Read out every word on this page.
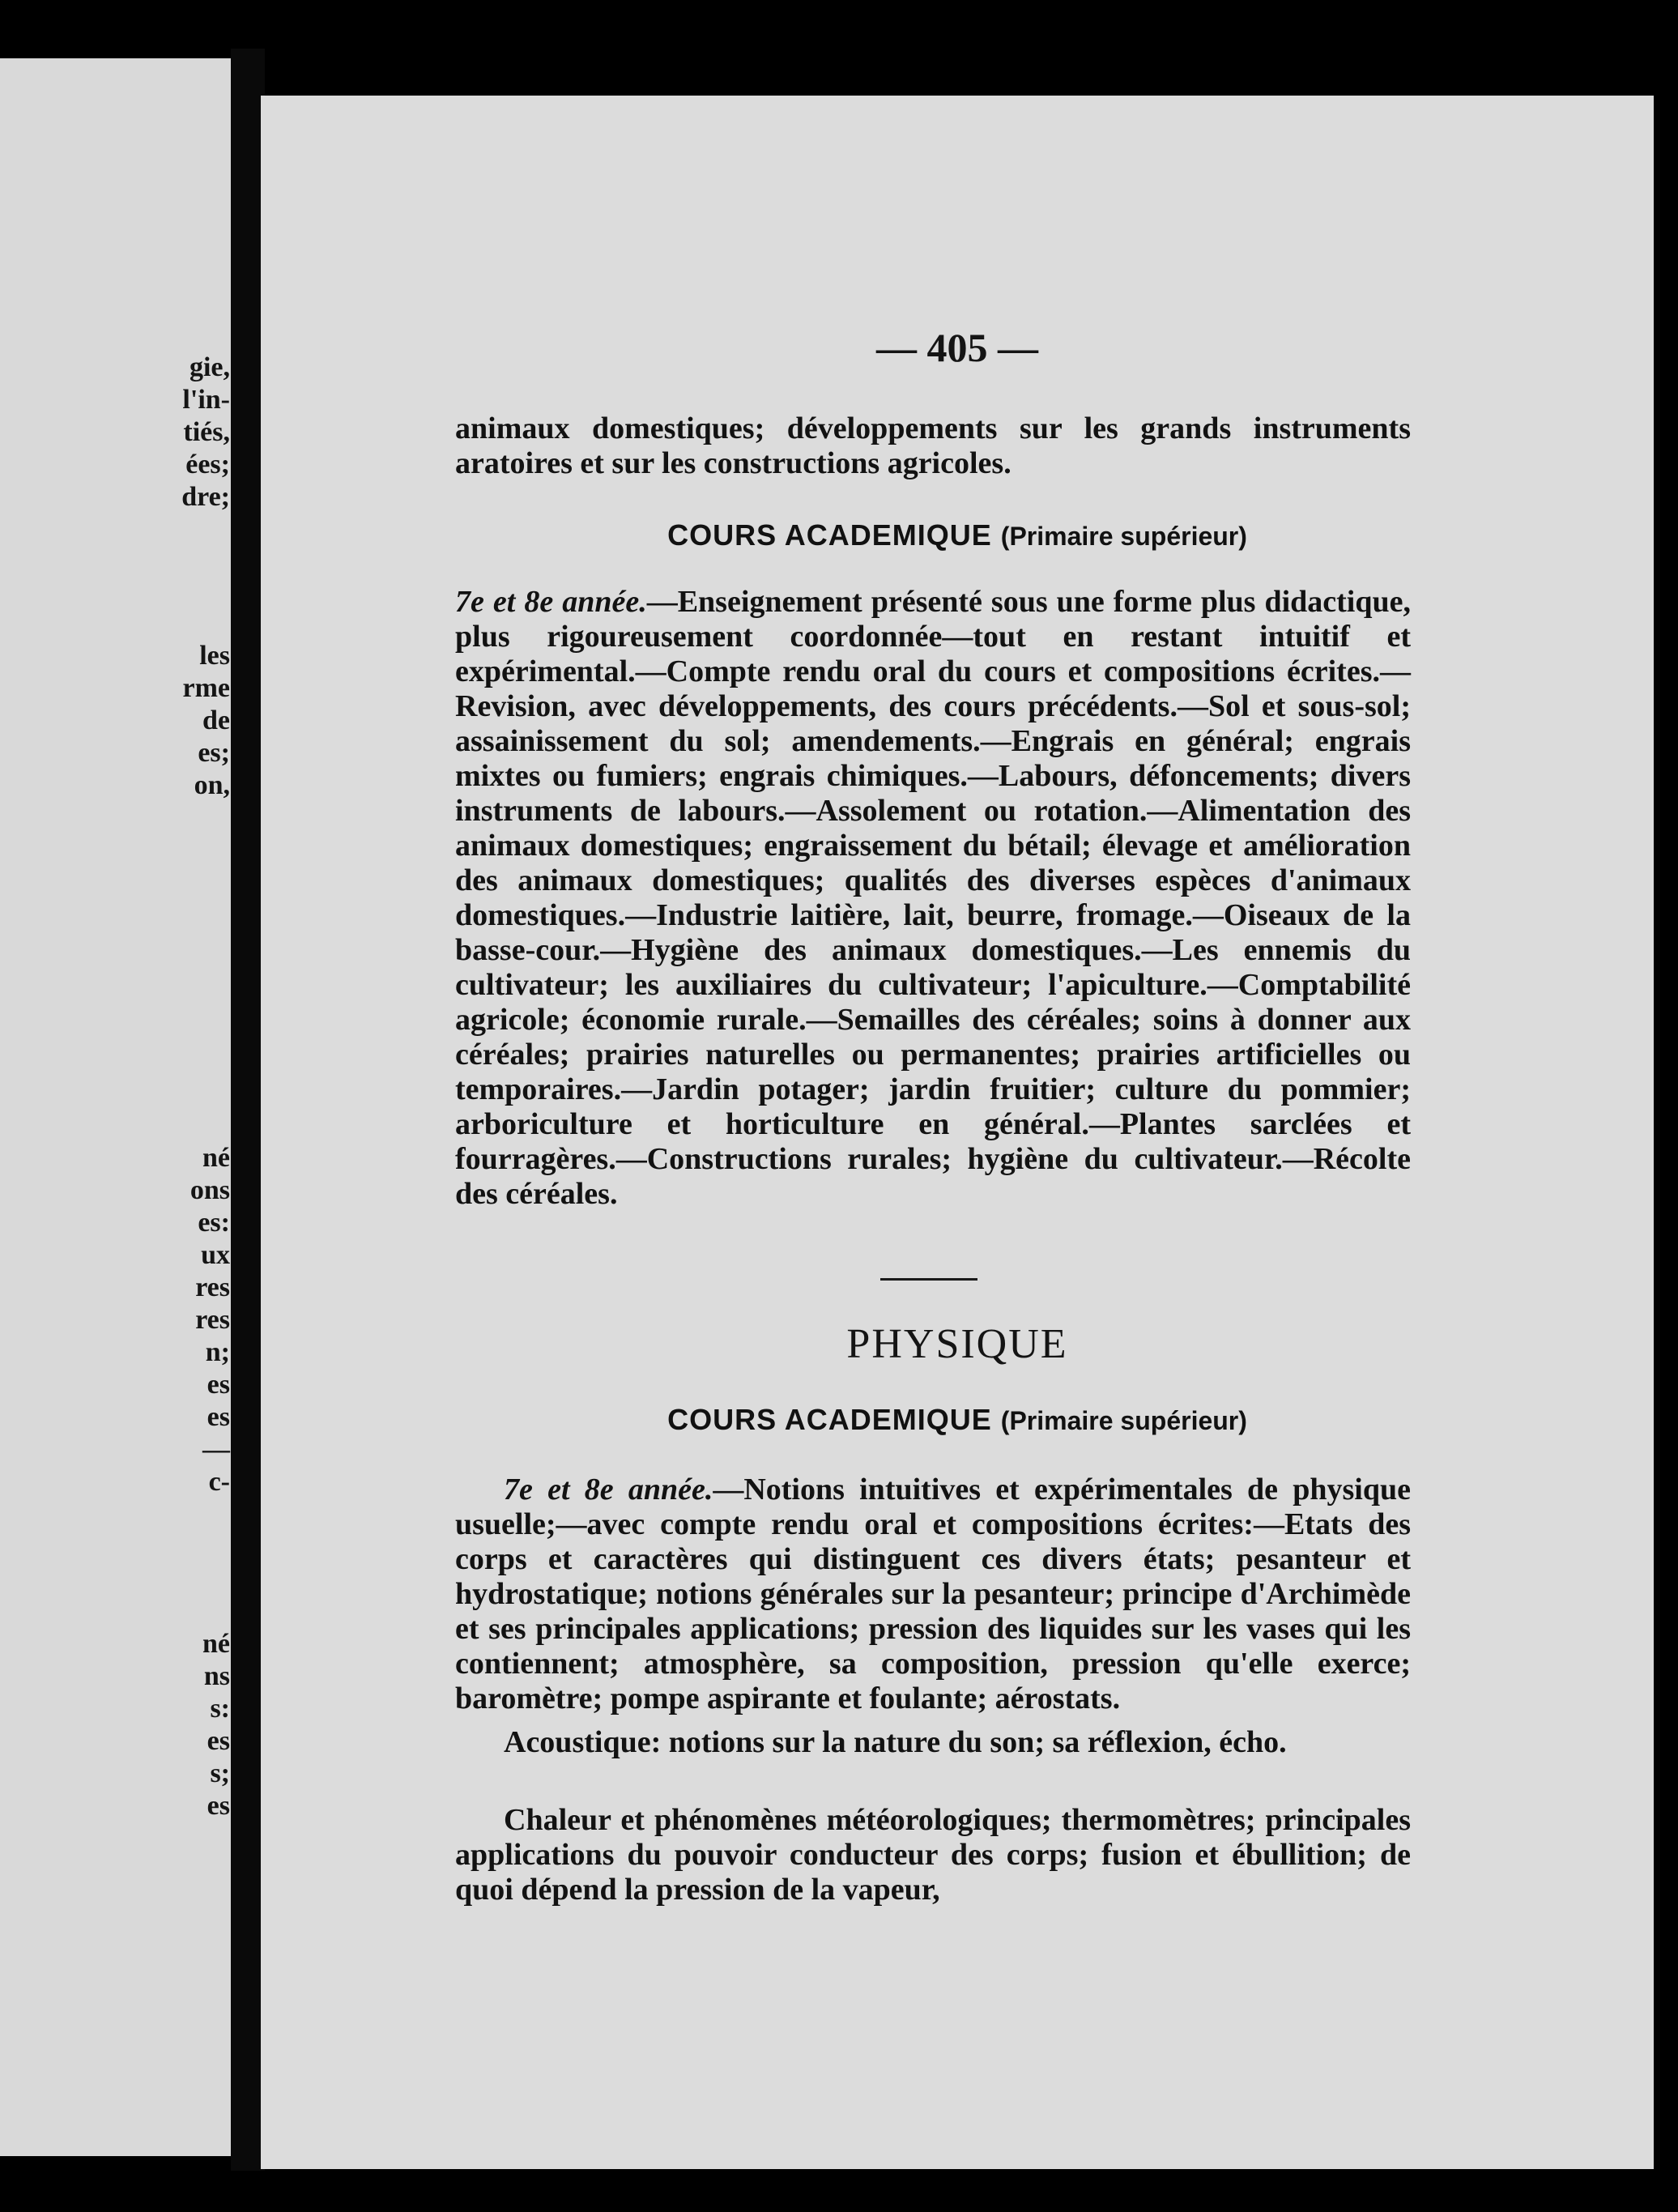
gie,
l'in-
tiés,
ées;
dre;
les
rme
de
es;
on,
né
ons
es:
ux
res
res
n;
es
es
—
c-
né
ns
s:
es
s;
es
— 405 —
animaux domestiques; développements sur les grands instruments aratoires et sur les constructions agricoles.
COURS ACADEMIQUE (Primaire supérieur)
7e et 8e année.—Enseignement présenté sous une forme plus didactique, plus rigoureusement coordonnée—tout en restant intuitif et expérimental.—Compte rendu oral du cours et compositions écrites.—Revision, avec développements, des cours précédents.—Sol et sous-sol; assainissement du sol; amendements.—Engrais en général; engrais mixtes ou fumiers; engrais chimiques.—Labours, défoncements; divers instruments de labours.—Assolement ou rotation.—Alimentation des animaux domestiques; engraissement du bétail; élevage et amélioration des animaux domestiques; qualités des diverses espèces d'animaux domestiques.—Industrie laitière, lait, beurre, fromage.—Oiseaux de la basse-cour.—Hygiène des animaux domestiques.—Les ennemis du cultivateur; les auxiliaires du cultivateur; l'apiculture.—Comptabilité agricole; économie rurale.—Semailles des céréales; soins à donner aux céréales; prairies naturelles ou permanentes; prairies artificielles ou temporaires.—Jardin potager; jardin fruitier; culture du pommier; arboriculture et horticulture en général.—Plantes sarclées et fourragères.—Constructions rurales; hygiène du cultivateur.—Récolte des céréales.
PHYSIQUE
COURS ACADEMIQUE (Primaire supérieur)
7e et 8e année.—Notions intuitives et expérimentales de physique usuelle;—avec compte rendu oral et compositions écrites:—Etats des corps et caractères qui distinguent ces divers états; pesanteur et hydrostatique; notions générales sur la pesanteur; principe d'Archimède et ses principales applications; pression des liquides sur les vases qui les contiennent; atmosphère, sa composition, pression qu'elle exerce; baromètre; pompe aspirante et foulante; aérostats.
Acoustique: notions sur la nature du son; sa réflexion, écho.
Chaleur et phénomènes météorologiques; thermomètres; principales applications du pouvoir conducteur des corps; fusion et ébullition; de quoi dépend la pression de la vapeur,
